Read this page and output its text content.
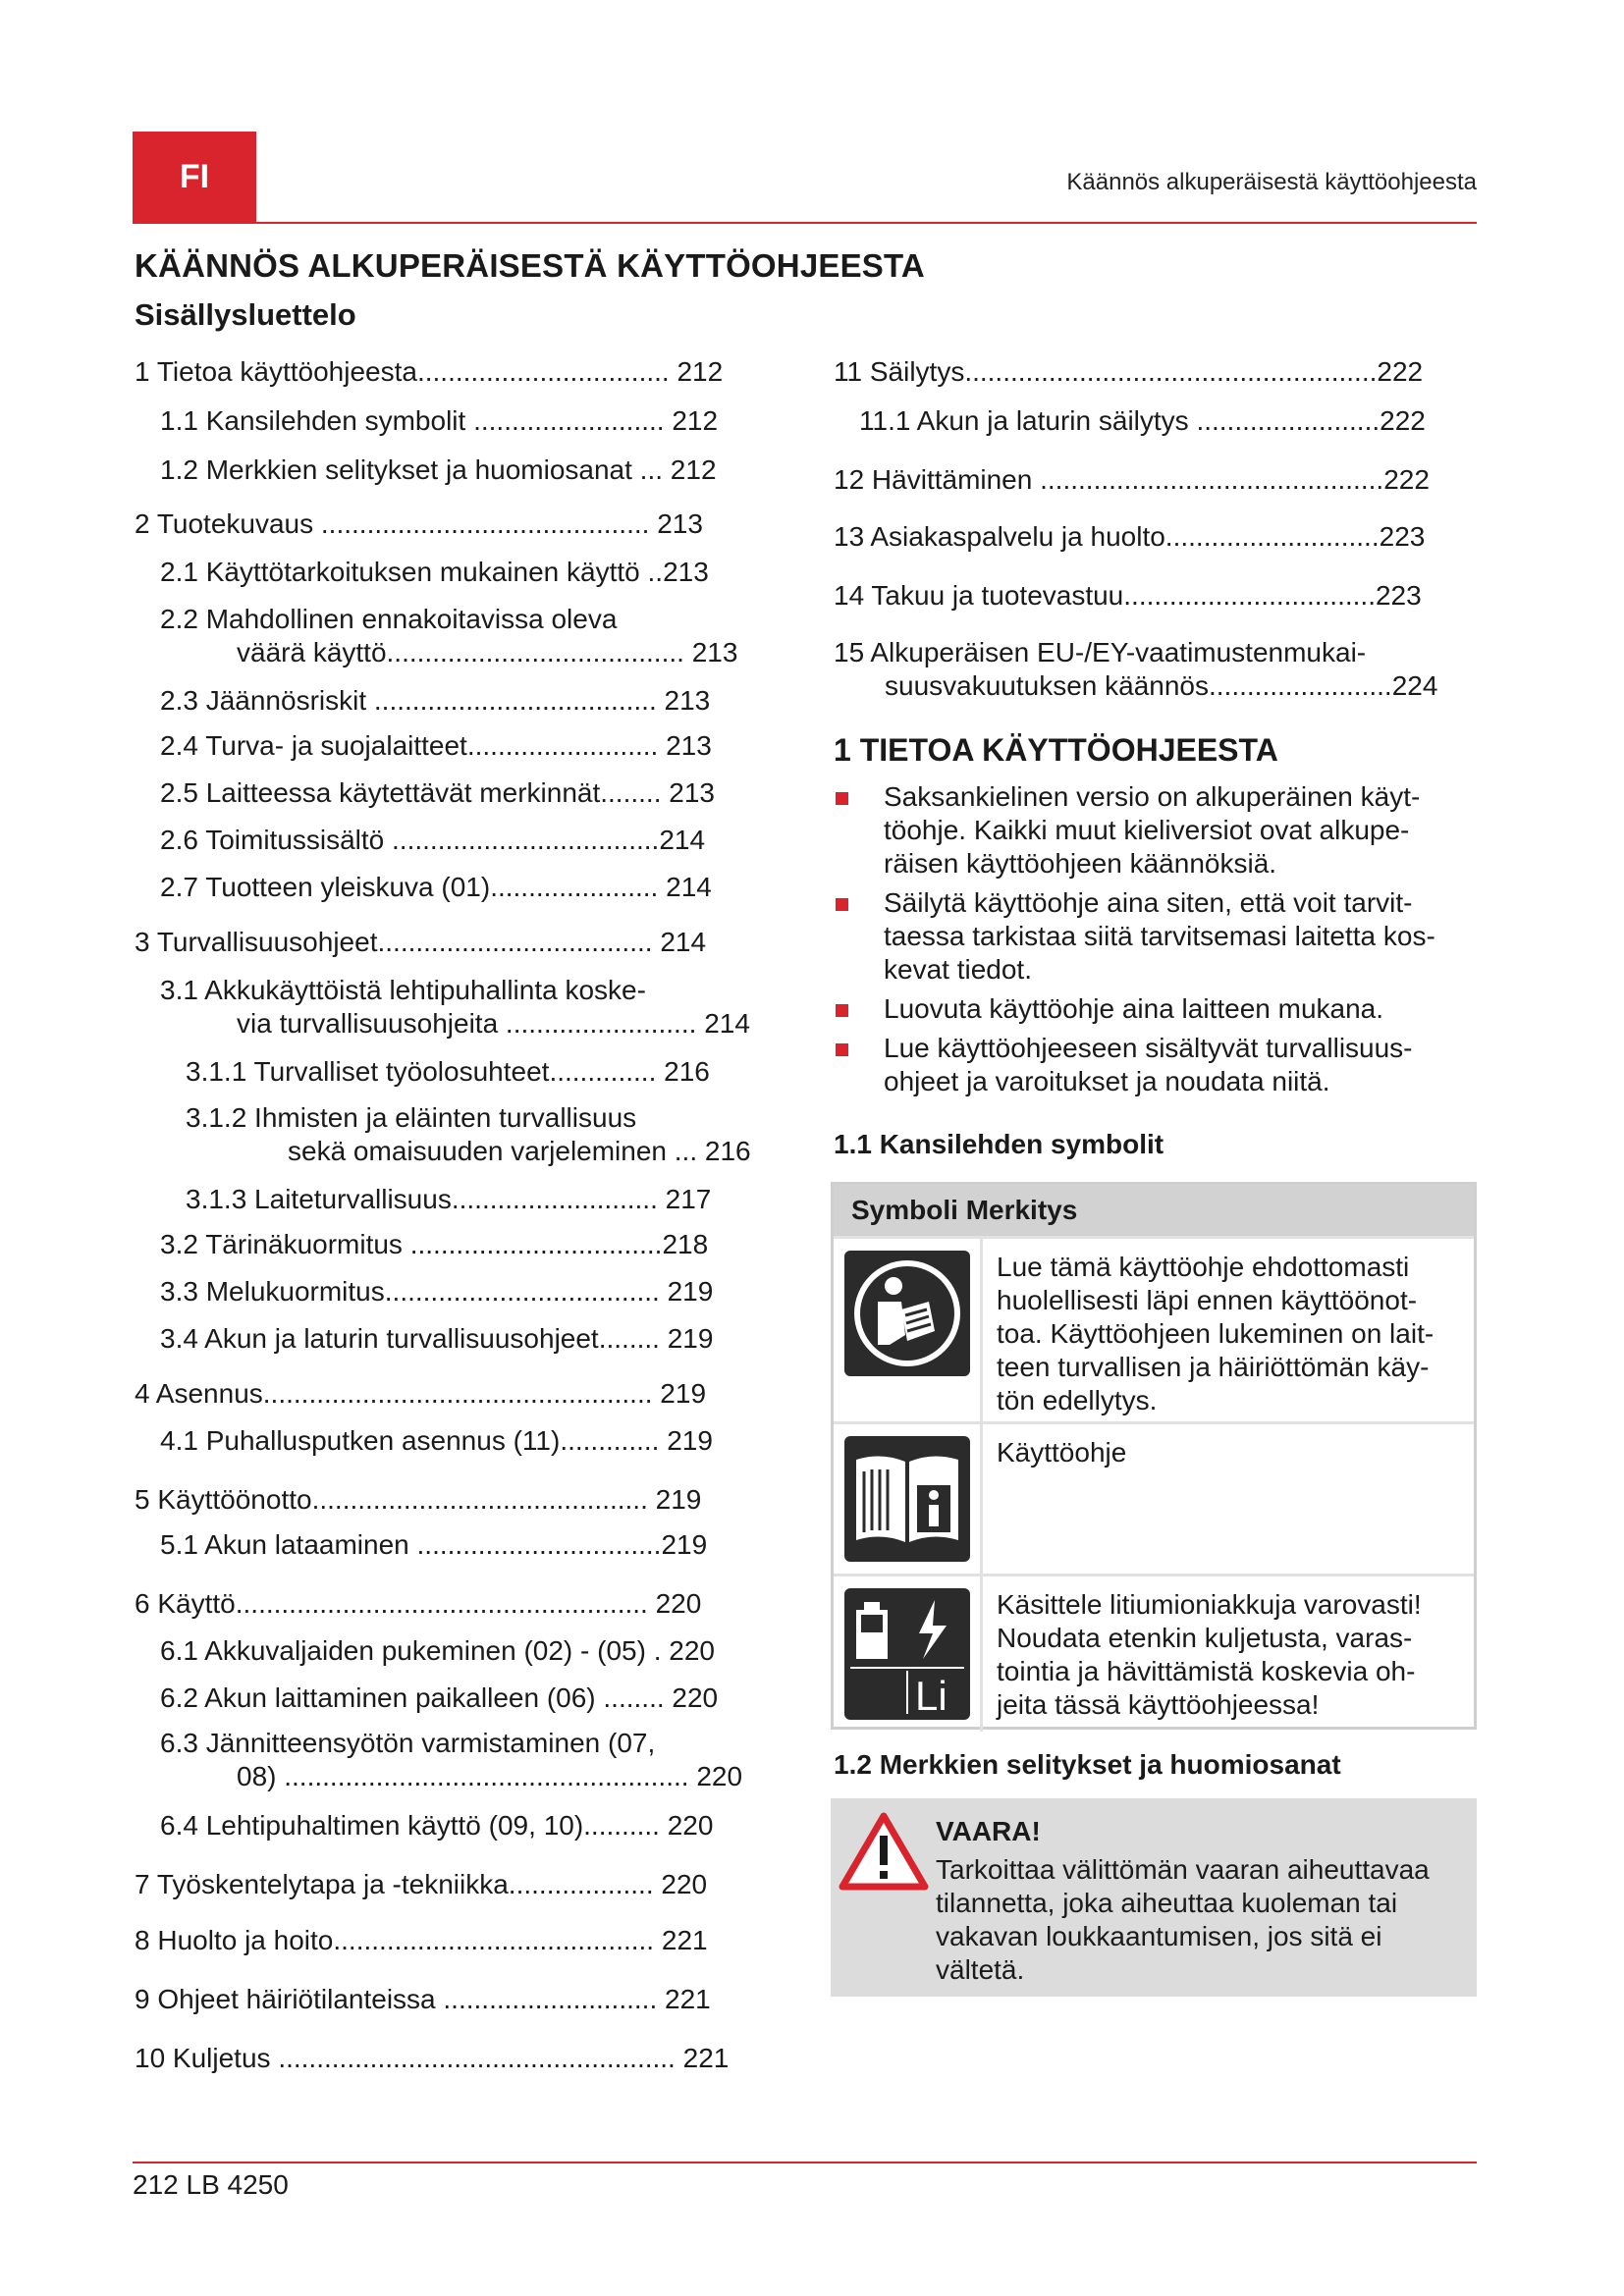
FI	Käännös alkuperäisestä käyttöohjeesta
KÄÄNNÖS ALKUPERÄISESTÄ KÄYTTÖOHJEESTA
Sisällysluettelo
1 Tietoa käyttöohjeesta................................. 212
1.1 Kansilehden symbolit ......................... 212
1.2 Merkkien selitykset ja huomiosanat ... 212
2 Tuotekuvaus ........................................... 213
2.1 Käyttötarkoituksen mukainen käyttö ..213
2.2 Mahdollinen ennakoitavissa oleva
väärä käyttö....................................... 213
2.3 Jäännösriskit ..................................... 213
2.4 Turva- ja suojalaitteet......................... 213
2.5 Laitteessa käytettävät merkinnät........ 213
2.6 Toimitussisältö ...................................214
2.7 Tuotteen yleiskuva (01)...................... 214
3 Turvallisuusohjeet.................................... 214
3.1 Akkukäyttöistä lehtipuhallinta koske-
via turvallisuusohjeita ......................... 214
3.1.1 Turvalliset työolosuhteet.............. 216
3.1.2 Ihmisten ja eläinten turvallisuus
sekä omaisuuden varjeleminen ... 216
3.1.3 Laiteturvallisuus........................... 217
3.2 Tärinäkuormitus .................................218
3.3 Melukuormitus.................................... 219
3.4 Akun ja laturin turvallisuusohjeet........ 219
4 Asennus................................................... 219
4.1 Puhallusputken asennus (11)............. 219
5 Käyttöönotto............................................ 219
5.1 Akun lataaminen ................................219
6 Käyttö...................................................... 220
6.1 Akkuvaljaiden pukeminen (02) - (05) . 220
6.2 Akun laittaminen paikalleen (06) ........ 220
6.3 Jännitteensyötön varmistaminen (07,
08) ..................................................... 220
6.4 Lehtipuhaltimen käyttö (09, 10).......... 220
7 Työskentelytapa ja -tekniikka................... 220
8 Huolto ja hoito.......................................... 221
9 Ohjeet häiriötilanteissa ............................ 221
10 Kuljetus .................................................... 221
11 Säilytys......................................................222
11.1 Akun ja laturin säilytys ........................222
12 Hävittäminen .............................................222
13 Asiakaspalvelu ja huolto............................223
14 Takuu ja tuotevastuu.................................223
15 Alkuperäisen EU-/EY-vaatimustenmukai-
suusvakuutuksen käännös........................224
1 TIETOA KÄYTTÖOHJEESTA
Saksankielinen versio on alkuperäinen käyt-töohje. Kaikki muut kieliversiot ovat alkupe-räisen käyttöohjeen käännöksiä.
Säilytä käyttöohje aina siten, että voit tarvit-taessa tarkistaa siitä tarvitsemasi laitetta kos-kevat tiedot.
Luovuta käyttöohje aina laitteen mukana.
Lue käyttöohjeeseen sisältyvät turvallisuus-ohjeet ja varoitukset ja noudata niitä.
1.1 Kansilehden symbolit
Symboli Merkitys
Lue tämä käyttöohje ehdottomasti huolellisesti läpi ennen käyttöönot-toa. Käyttöohjeen lukeminen on lait-teen turvallisen ja häiriöttömän käy-tön edellytys.
Käyttöohje
Li
Käsittele litiumioniakkuja varovasti! Noudata etenkin kuljetusta, varas-tointia ja hävittämistä koskevia oh-jeita tässä käyttöohjeessa!
1.2 Merkkien selitykset ja huomiosanat
VAARA!
Tarkoittaa välittömän vaaran aiheuttavaa tilannetta, joka aiheuttaa kuoleman tai vakavan loukkaantumisen, jos sitä ei vältetä.
212 LB 4250
